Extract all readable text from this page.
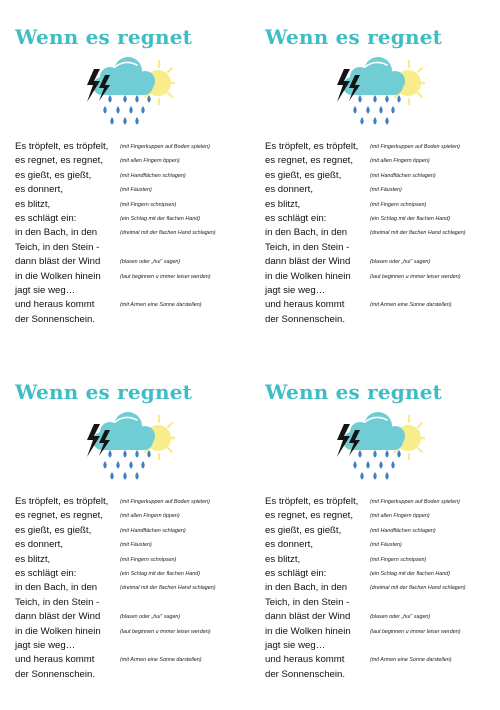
Wenn es regnet
Es tröpfelt, es tröpfelt, (mit Fingerkuppen auf Boden spielen)
es regnet, es regnet,	(mit allen Fingern tippen)
es gießt, es gießt,	(mit Handflächen schlagen)
es donnert,	(mit Fäusten)
es blitzt,	(mit Fingern schnipsen)
es schlägt ein:	(ein Schlag mit der flachen Hand)
in den Bach, in den	(dreimal mit der flachen Hand schlagen)
Teich, in den Stein -
dann bläst der Wind	(blasen oder „hui“ sagen)
in die Wolken hinein	(laut beginnen u immer leiser werden)
jagt sie weg…
und heraus kommt	(mit Armen eine Sonne darstellen)
der Sonnenschein.
Wenn es regnet
Es tröpfelt, es tröpfelt, (mit Fingerkuppen auf Boden spielen)
es regnet, es regnet,	(mit allen Fingern tippen)
es gießt, es gießt,	(mit Handflächen schlagen)
es donnert,	(mit Fäusten)
es blitzt,	(mit Fingern schnipsen)
es schlägt ein:	(ein Schlag mit der flachen Hand)
in den Bach, in den	(dreimal mit der flachen Hand schlagen)
Teich, in den Stein -
dann bläst der Wind	(blasen oder „hui“ sagen)
in die Wolken hinein	(laut beginnen u immer leiser werden)
jagt sie weg…
und heraus kommt	(mit Armen eine Sonne darstellen)
der Sonnenschein.
Wenn es regnet
Es tröpfelt, es tröpfelt, (mit Fingerkuppen auf Boden spielen)
es regnet, es regnet,	(mit allen Fingern tippen)
es gießt, es gießt,	(mit Handflächen schlagen)
es donnert,	(mit Fäusten)
es blitzt,	(mit Fingern schnipsen)
es schlägt ein:	(ein Schlag mit der flachen Hand)
in den Bach, in den	(dreimal mit der flachen Hand schlagen)
Teich, in den Stein -
dann bläst der Wind	(blasen oder „hui“ sagen)
in die Wolken hinein	(laut beginnen u immer leiser werden)
jagt sie weg…
und heraus kommt	(mit Armen eine Sonne darstellen)
der Sonnenschein.
Wenn es regnet
Es tröpfelt, es tröpfelt, (mit Fingerkuppen auf Boden spielen)
es regnet, es regnet,	(mit allen Fingern tippen)
es gießt, es gießt,	(mit Handflächen schlagen)
es donnert,	(mit Fäusten)
es blitzt,	(mit Fingern schnipsen)
es schlägt ein:	(ein Schlag mit der flachen Hand)
in den Bach, in den	(dreimal mit der flachen Hand schlagen)
Teich, in den Stein -
dann bläst der Wind	(blasen oder „hui“ sagen)
in die Wolken hinein	(laut beginnen u immer leiser werden)
jagt sie weg…
und heraus kommt	(mit Armen eine Sonne darstellen)
der Sonnenschein.
